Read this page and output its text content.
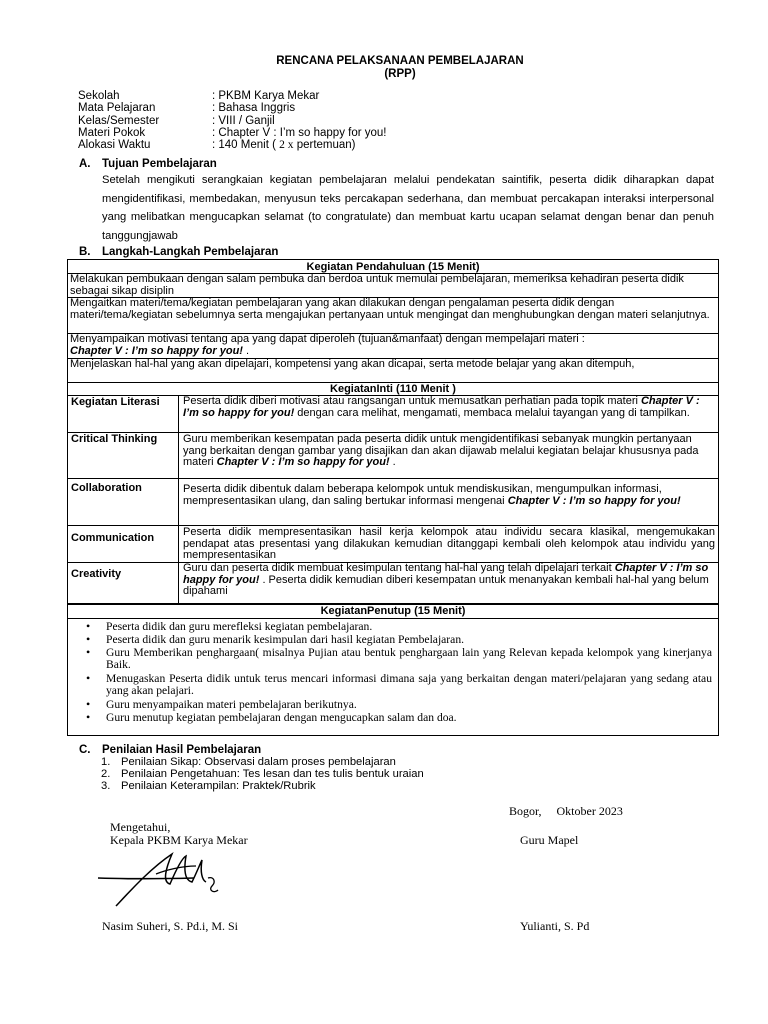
RENCANA PELAKSANAAN PEMBELAJARAN
(RPP)
Sekolah	: PKBM Karya Mekar
Mata Pelajaran	: Bahasa Inggris
Kelas/Semester	: VIII / Ganjil
Materi Pokok	: Chapter V : I’m so happy for you!
Alokasi Waktu	: 140 Menit ( 2 x pertemuan)
A. Tujuan Pembelajaran
Setelah mengikuti serangkaian kegiatan pembelajaran melalui pendekatan saintifik, peserta didik diharapkan dapat mengidentifikasi, membedakan, menyusun teks percakapan sederhana, dan membuat percakapan interaksi interpersonal yang melibatkan mengucapkan selamat (to congratulate) dan membuat kartu ucapan selamat dengan benar dan penuh tanggungjawab
B. Langkah-Langkah Pembelajaran
Kegiatan Pendahuluan (15 Menit)
Melakukan pembukaan dengan salam pembuka dan berdoa untuk memulai pembelajaran, memeriksa kehadiran peserta didik sebagai sikap disiplin
Mengaitkan materi/tema/kegiatan pembelajaran yang akan dilakukan dengan pengalaman peserta didik dengan materi/tema/kegiatan sebelumnya serta mengajukan pertanyaan untuk mengingat dan menghubungkan dengan materi selanjutnya.
Menyampaikan motivasi tentang apa yang dapat diperoleh (tujuan&manfaat) dengan mempelajari materi :
Chapter V : I’m so happy for you! .
Menjelaskan hal-hal yang akan dipelajari, kompetensi yang akan dicapai, serta metode belajar yang akan ditempuh,
KegiatanInti (110 Menit )
Kegiatan Literasi	Peserta didik diberi motivasi atau rangsangan untuk memusatkan perhatian pada topik materi Chapter V : I’m so happy for you! dengan cara melihat, mengamati, membaca melalui tayangan yang di tampilkan.
Critical Thinking	Guru memberikan kesempatan pada peserta didik untuk mengidentifikasi sebanyak mungkin pertanyaan yang berkaitan dengan gambar yang disajikan dan akan dijawab melalui kegiatan belajar khususnya pada materi Chapter V : I’m so happy for you! .
Collaboration	Peserta didik dibentuk dalam beberapa kelompok untuk mendiskusikan, mengumpulkan informasi, mempresentasikan ulang, dan saling bertukar informasi mengenai Chapter V : I’m so happy for you!
Communication	Peserta didik mempresentasikan hasil kerja kelompok atau individu secara klasikal, mengemukakan pendapat atas presentasi yang dilakukan kemudian ditanggapi kembali oleh kelompok atau individu yang mempresentasikan
Creativity	Guru dan peserta didik membuat kesimpulan tentang hal-hal yang telah dipelajari terkait Chapter V : I’m so happy for you! . Peserta didik kemudian diberi kesempatan untuk menanyakan kembali hal-hal yang belum dipahami
KegiatanPenutup (15 Menit)
• Peserta didik dan guru merefleksi kegiatan pembelajaran.
• Peserta didik dan guru menarik kesimpulan dari hasil kegiatan Pembelajaran.
• Guru Memberikan penghargaan( misalnya Pujian atau bentuk penghargaan lain yang Relevan kepada kelompok yang kinerjanya Baik.
• Menugaskan Peserta didik untuk terus mencari informasi dimana saja yang berkaitan dengan materi/pelajaran yang sedang atau yang akan pelajari.
• Guru menyampaikan materi pembelajaran berikutnya.
• Guru menutup kegiatan pembelajaran dengan mengucapkan salam dan doa.
C. Penilaian Hasil Pembelajaran
1. Penilaian Sikap: Observasi dalam proses pembelajaran
2. Penilaian Pengetahuan: Tes lesan dan tes tulis bentuk uraian
3. Penilaian Keterampilan: Praktek/Rubrik
Bogor,     Oktober 2023
Mengetahui,
Kepala PKBM Karya Mekar	Guru Mapel
Nasim Suheri, S. Pd.i, M. Si	Yulianti, S. Pd
